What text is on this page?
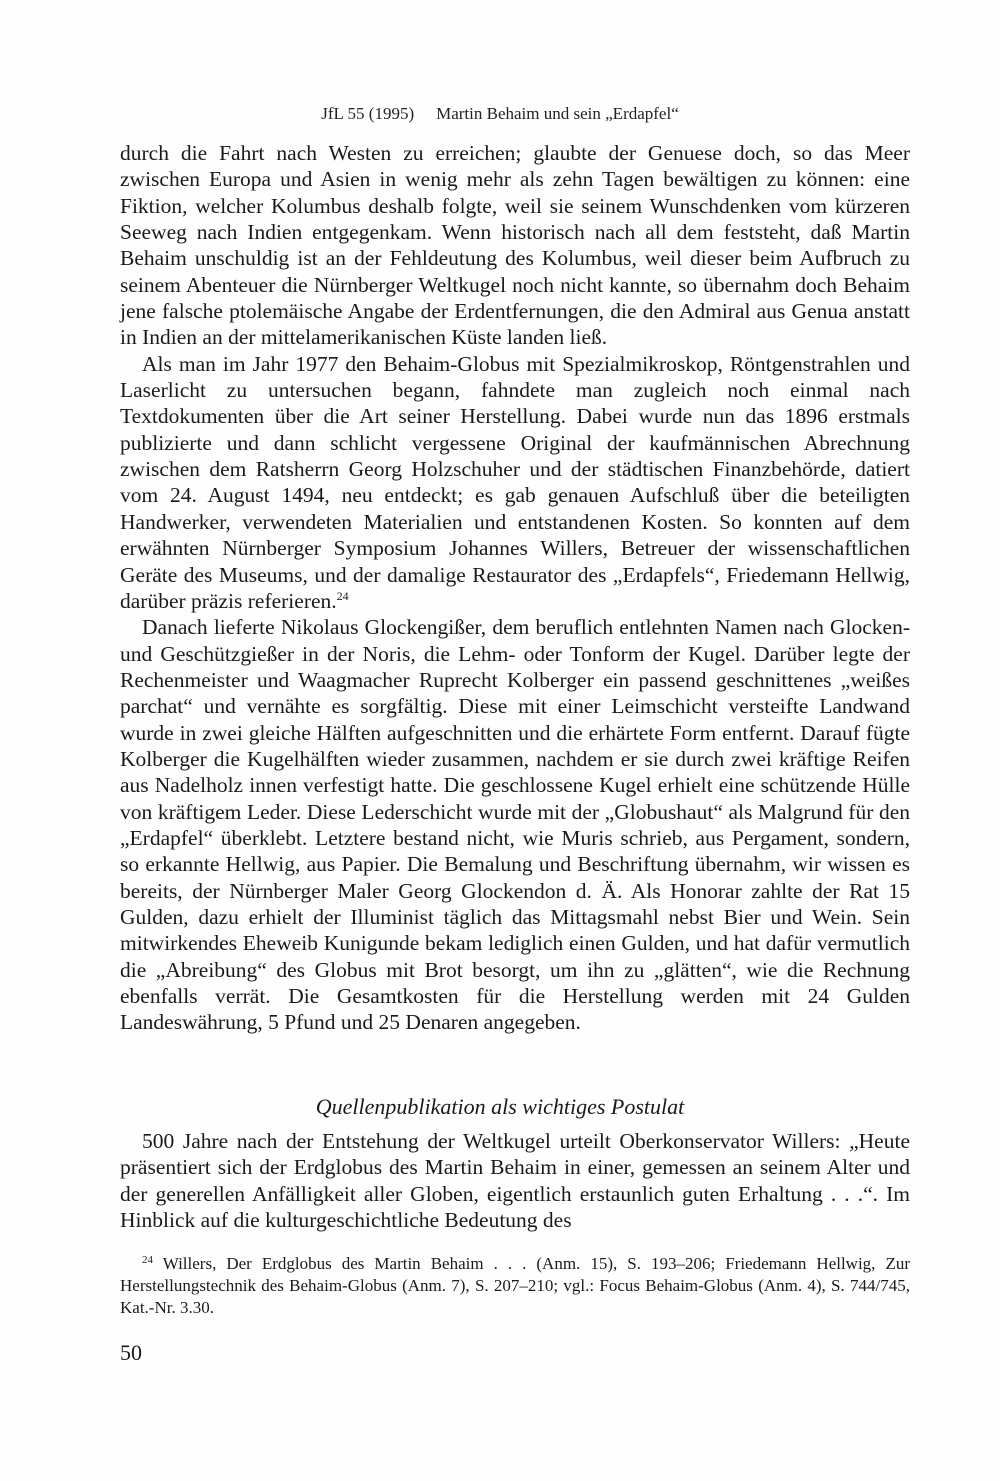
JfL 55 (1995) Martin Behaim und sein „Erdapfel“

durch die Fahrt nach Westen zu erreichen; glaubte der Genuese doch, so das Meer zwischen Europa und Asien in wenig mehr als zehn Tagen bewältigen zu können: eine Fiktion, welcher Kolumbus deshalb folgte, weil sie seinem Wunschdenken vom kürzeren Seeweg nach Indien entgegenkam. Wenn historisch nach all dem feststeht, daß Martin Behaim unschuldig ist an der Fehldeutung des Kolumbus, weil dieser beim Aufbruch zu seinem Abenteuer die Nürnberger Weltkugel noch nicht kannte, so übernahm doch Behaim jene falsche ptolemäische Angabe der Erdentfernungen, die den Admiral aus Genua anstatt in Indien an der mittelamerikanischen Küste landen ließ.

Als man im Jahr 1977 den Behaim-Globus mit Spezialmikroskop, Röntgenstrahlen und Laserlicht zu untersuchen begann, fahndete man zugleich noch einmal nach Textdokumenten über die Art seiner Herstellung. Dabei wurde nun das 1896 erstmals publizierte und dann schlicht vergessene Original der kaufmännischen Abrechnung zwischen dem Ratsherrn Georg Holzschuher und der städtischen Finanzbehörde, datiert vom 24. August 1494, neu entdeckt; es gab genauen Aufschluß über die beteiligten Handwerker, verwendeten Materialien und entstandenen Kosten. So konnten auf dem erwähnten Nürnberger Symposium Johannes Willers, Betreuer der wissenschaftlichen Geräte des Museums, und der damalige Restaurator des „Erdapfels“, Friedemann Hellwig, darüber präzis referieren.$^{24}$

Danach lieferte Nikolaus Glockengißer, dem beruflich entlehnten Namen nach Glocken- und Geschützgießer in der Noris, die Lehm- oder Tonform der Kugel. Darüber legte der Rechenmeister und Waagmacher Ruprecht Kolberger ein passend geschnittenes „weißes parchat“ und vernähte es sorgfältig. Diese mit einer Leimschicht versteifte Landwand wurde in zwei gleiche Hälften aufgeschnitten und die erhärtete Form entfernt. Darauf fügte Kolberger die Kugelhälften wieder zusammen, nachdem er sie durch zwei kräftige Reifen aus Nadelholz innen verfestigt hatte. Die geschlossene Kugel erhielt eine schützende Hülle von kräftigem Leder. Diese Lederschicht wurde mit der „Globushaut“ als Malgrund für den „Erdapfel“ überklebt. Letztere bestand nicht, wie Muris schrieb, aus Pergament, sondern, so erkannte Hellwig, aus Papier. Die Bemalung und Beschriftung übernahm, wir wissen es bereits, der Nürnberger Maler Georg Glockendon d. Ä. Als Honorar zahlte der Rat 15 Gulden, dazu erhielt der Illuminist täglich das Mittagsmahl nebst Bier und Wein. Sein mitwirkendes Eheweib Kunigunde bekam lediglich einen Gulden, und hat dafür vermutlich die „Abreibung“ des Globus mit Brot besorgt, um ihn zu „glätten“, wie die Rechnung ebenfalls verrät. Die Gesamtkosten für die Herstellung werden mit 24 Gulden Landeswährung, 5 Pfund und 25 Denaren angegeben.

Quellenpublikation als wichtiges Postulat

500 Jahre nach der Entstehung der Weltkugel urteilt Oberkonservator Willers: „Heute präsentiert sich der Erdglobus des Martin Behaim in einer, gemessen an seinem Alter und der generellen Anfälligkeit aller Globen, eigentlich erstaunlich guten Erhaltung . . .“. Im Hinblick auf die kulturgeschichtliche Bedeutung des

$^{24}$ Willers, Der Erdglobus des Martin Behaim . . . (Anm. 15), S. 193–206; Friedemann Hellwig, Zur Herstellungstechnik des Behaim-Globus (Anm. 7), S. 207–210; vgl.: Focus Behaim-Globus (Anm. 4), S. 744/745, Kat.-Nr. 3.30.

50
